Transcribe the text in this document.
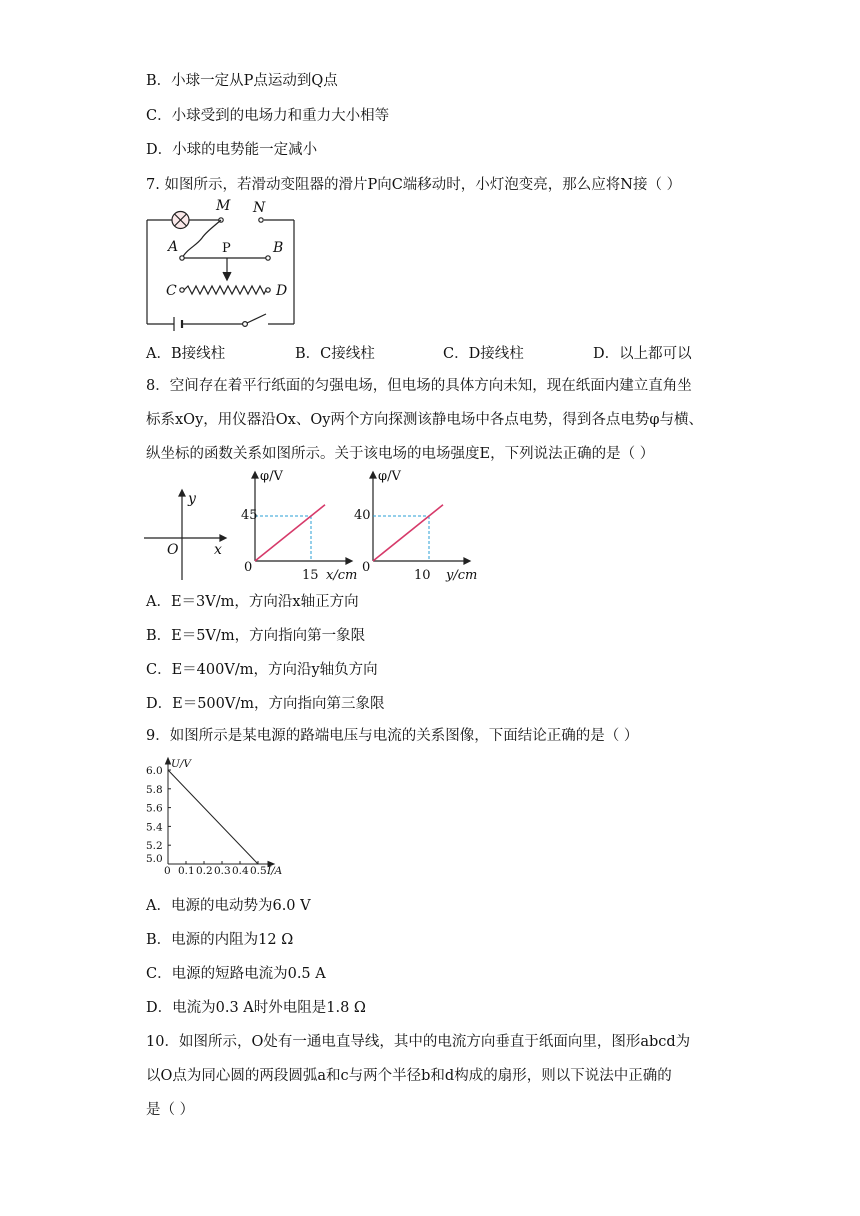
B．小球一定从P点运动到Q点
C．小球受到的电场力和重力大小相等
D．小球的电势能一定减小
7. 如图所示，若滑动变阻器的滑片P向C端移动时，小灯泡变亮，那么应将N接（ ）
M N
A	P	B
C	D
A．B接线柱	B．C接线柱	C．D接线柱	D．以上都可以
8．空间存在着平行纸面的匀强电场，但电场的具体方向未知，现在纸面内建立直角坐
标系xOy，用仪器沿Ox、Oy两个方向探测该静电场中各点电势，得到各点电势φ与横、
纵坐标的函数关系如图所示。关于该电场的电场强度E，下列说法正确的是（ ）
y
x
O
φ/V
45
0
15 x/cm
φ/V
40
0
10 y/cm
A．E＝3V/m，方向沿x轴正方向
B．E＝5V/m，方向指向第一象限
C．E＝400V/m，方向沿y轴负方向
D．E＝500V/m，方向指向第三象限
9．如图所示是某电源的路端电压与电流的关系图像，下面结论正确的是（ ）
5.0
5.2
5.4
5.6
5.8
6.0
0 0.1 0.2 0.3 0.4 0.5
U/V
I/A
A．电源的电动势为6.0 V
B．电源的内阻为12 Ω
C．电源的短路电流为0.5 A
D．电流为0.3 A时外电阻是1.8 Ω
10．如图所示，O处有一通电直导线，其中的电流方向垂直于纸面向里，图形abcd为
以O点为同心圆的两段圆弧a和c与两个半径b和d构成的扇形，则以下说法中正确的
是（ ）
